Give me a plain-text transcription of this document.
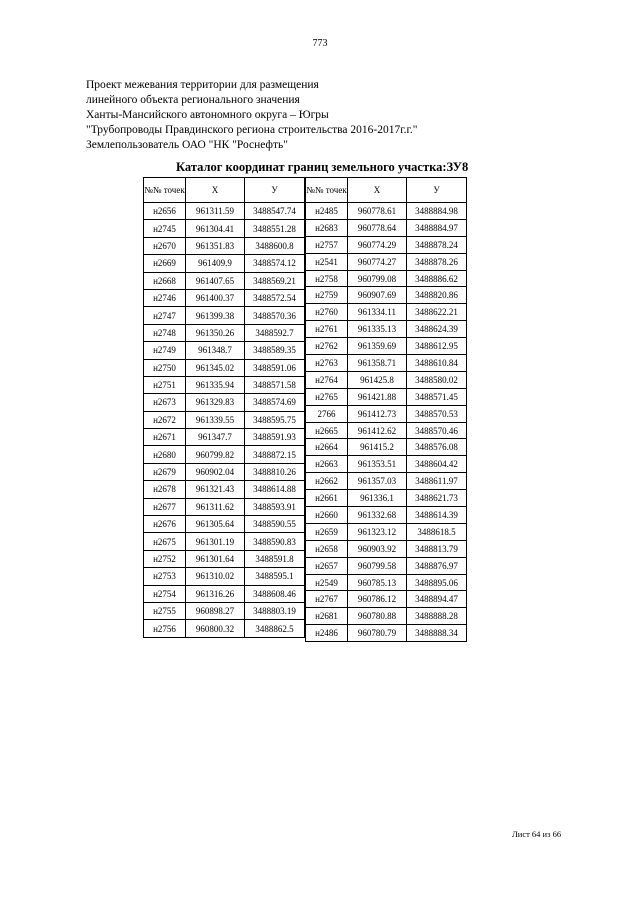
773
Проект межевания территории для размещения
линейного объекта регионального значения
Ханты-Мансийского автономного округа – Югры
"Трубопроводы Правдинского региона строительства 2016-2017г.г."
Землепользователь ОАО "НК "Роснефть"
Каталог координат границ земельного участка:ЗУ8
№№ точек	X	У
н2656	961311.59	3488547.74
н2745	961304.41	3488551.28
н2670	961351.83	3488600.8
н2669	961409.9	3488574.12
н2668	961407.65	3488569.21
н2746	961400.37	3488572.54
н2747	961399.38	3488570.36
н2748	961350.26	3488592.7
н2749	961348.7	3488589.35
н2750	961345.02	3488591.06
н2751	961335.94	3488571.58
н2673	961329.83	3488574.69
н2672	961339.55	3488595.75
н2671	961347.7	3488591.93
н2680	960799.82	3488872.15
н2679	960902.04	3488810.26
н2678	961321.43	3488614.88
н2677	961311.62	3488593.91
н2676	961305.64	3488590.55
н2675	961301.19	3488590.83
н2752	961301.64	3488591.8
н2753	961310.02	3488595.1
н2754	961316.26	3488608.46
н2755	960898.27	3488803.19
н2756	960800.32	3488862.5
№№ точек	X	У
н2485	960778.61	3488884.98
н2683	960778.64	3488884.97
н2757	960774.29	3488878.24
н2541	960774.27	3488878.26
н2758	960799.08	3488886.62
н2759	960907.69	3488820.86
н2760	961334.11	3488622.21
н2761	961335.13	3488624.39
н2762	961359.69	3488612.95
н2763	961358.71	3488610.84
н2764	961425.8	3488580.02
н2765	961421.88	3488571.45
2766	961412.73	3488570.53
н2665	961412.62	3488570.46
н2664	961415.2	3488576.08
н2663	961353.51	3488604.42
н2662	961357.03	3488611.97
н2661	961336.1	3488621.73
н2660	961332.68	3488614.39
н2659	961323.12	3488618.5
н2658	960903.92	3488813.79
н2657	960799.58	3488876.97
н2549	960785.13	3488895.06
н2767	960786.12	3488894.47
н2681	960780.88	3488888.28
н2486	960780.79	3488888.34
Лист 64 из 66
